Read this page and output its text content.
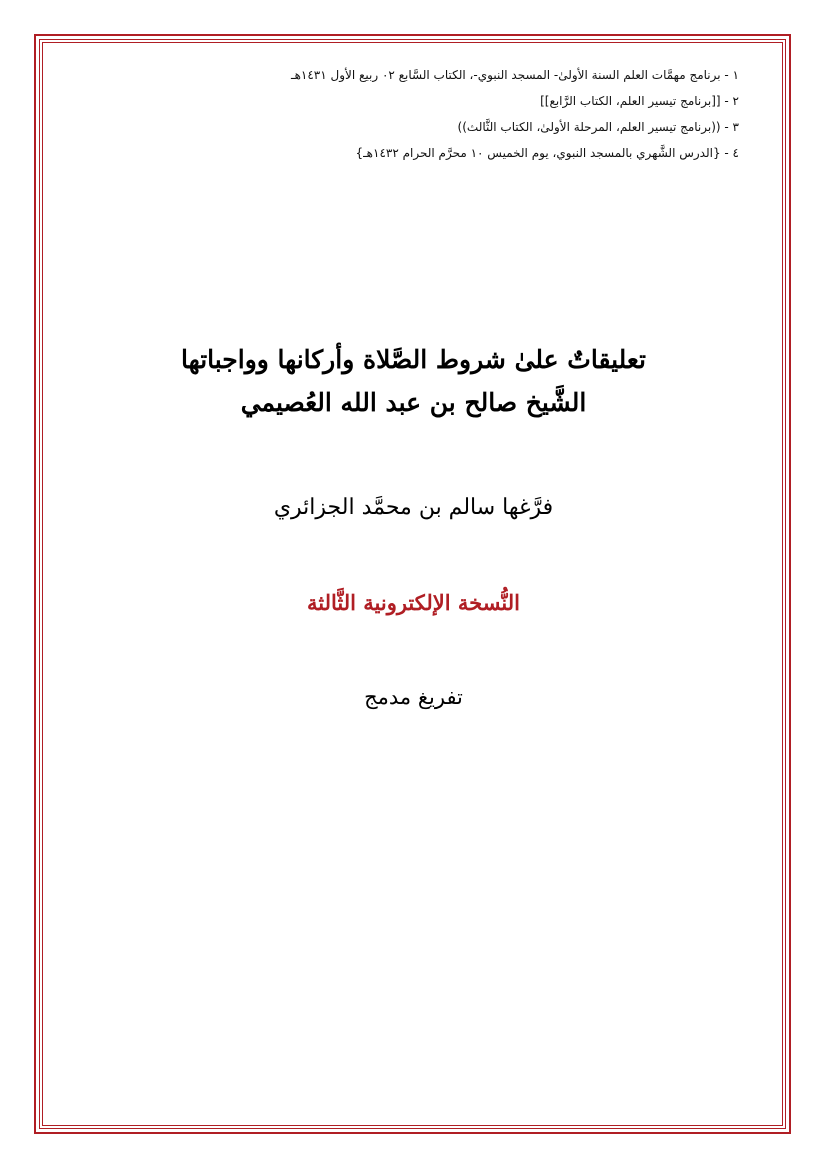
١ - برنامج مهمَّات العلم السنة الأولىٰ- المسجد النبوي-، الكتاب السَّابع ٠٢ ربيع الأول ١٤٣١هـ
٢ - [[برنامج تيسير العلم، الكتاب الرَّابع]]
٣ - ((برنامج تيسير العلم، المرحلة الأولىٰ، الكتاب الثَّالث))
٤ - {الدرس الشَّهري بالمسجد النبوي، يوم الخميس ١٠ محرَّم الحرام ١٤٣٢هـ}
تعليقاتٌ علىٰ شروط الصَّلاة وأركانها وواجباتها
الشَّيخ صالح بن عبد الله العُصيمي
فرَّغها سالم بن محمَّد الجزائري
النُّسخة الإلكترونية الثَّالثة
تفريغ مدمج
